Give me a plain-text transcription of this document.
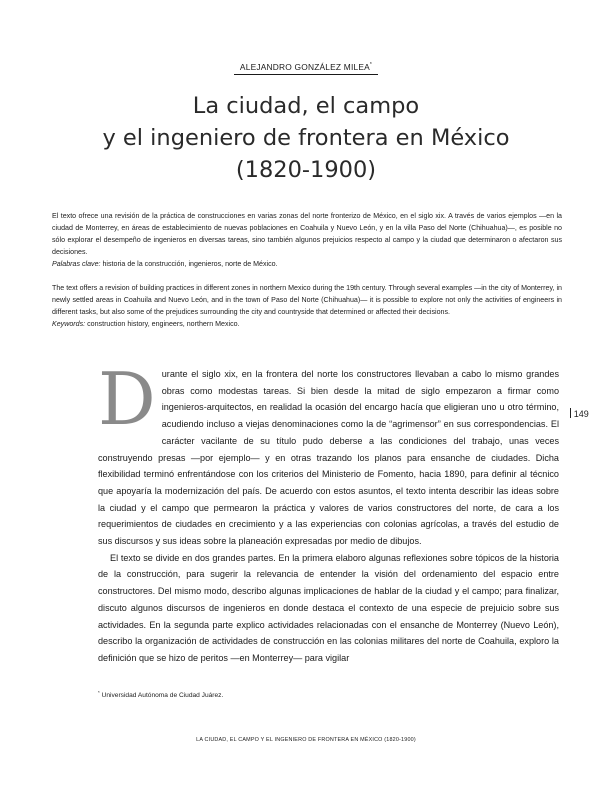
ALEJANDRO GONZÁLEZ MILEA*
La ciudad, el campo
y el ingeniero de frontera en México
(1820-1900)
El texto ofrece una revisión de la práctica de construcciones en varias zonas del norte fronterizo de México, en el siglo xix. A través de varios ejemplos —en la ciudad de Monterrey, en áreas de establecimiento de nuevas poblaciones en Coahuila y Nuevo León, y en la villa Paso del Norte (Chihuahua)—, es posible no sólo explorar el desempeño de ingenieros en diversas tareas, sino también algunos prejuicios respecto al campo y la ciudad que determinaron o afectaron sus decisiones.
Palabras clave: historia de la construcción, ingenieros, norte de México.
The text offers a revision of building practices in different zones in northern Mexico during the 19th century. Through several examples —in the city of Monterrey, in newly settled areas in Coahuila and Nuevo León, and in the town of Paso del Norte (Chihuahua)— it is possible to explore not only the activities of engineers in different tasks, but also some of the prejudices surrounding the city and countryside that determined or affected their decisions.
Keywords: construction history, engineers, northern Mexico.

Durante el siglo xix, en la frontera del norte los constructores llevaban a cabo lo mismo grandes obras como modestas tareas. Si bien desde la mitad de siglo empezaron a firmar como ingenieros-arquitectos, en realidad la ocasión del encargo hacía que eligieran uno u otro término, acudiendo incluso a viejas denominaciones como la de “agrimensor” en sus correspondencias. El carácter vacilante de su título pudo deberse a las condiciones del trabajo, unas veces construyendo presas —por ejemplo— y en otras trazando los planos para ensanche de ciudades. Dicha flexibilidad terminó enfrentándose con los criterios del Ministerio de Fomento, hacia 1890, para definir al técnico que apoyaría la modernización del país. De acuerdo con estos asuntos, el texto intenta describir las ideas sobre la ciudad y el campo que permearon la práctica y valores de varios constructores del norte, de cara a los requerimientos de ciudades en crecimiento y a las experiencias con colonias agrícolas, a través del estudio de sus discursos y sus ideas sobre la planeación expresadas por medio de dibujos.

El texto se divide en dos grandes partes. En la primera elaboro algunas reflexiones sobre tópicos de la historia de la construcción, para sugerir la relevancia de entender la visión del ordenamiento del espacio entre constructores. Del mismo modo, describo algunas implicaciones de hablar de la ciudad y el campo; para finalizar, discuto algunos discursos de ingenieros en donde destaca el contexto de una especie de prejuicio sobre sus actividades. En la segunda parte explico actividades relacionadas con el ensanche de Monterrey (Nuevo León), describo la organización de actividades de construcción en las colonias militares del norte de Coahuila, exploro la definición que se hizo de peritos —en Monterrey— para vigilar

149
* Universidad Autónoma de Ciudad Juárez.
LA CIUDAD, EL CAMPO Y EL INGENIERO DE FRONTERA EN MÉXICO (1820-1900)
